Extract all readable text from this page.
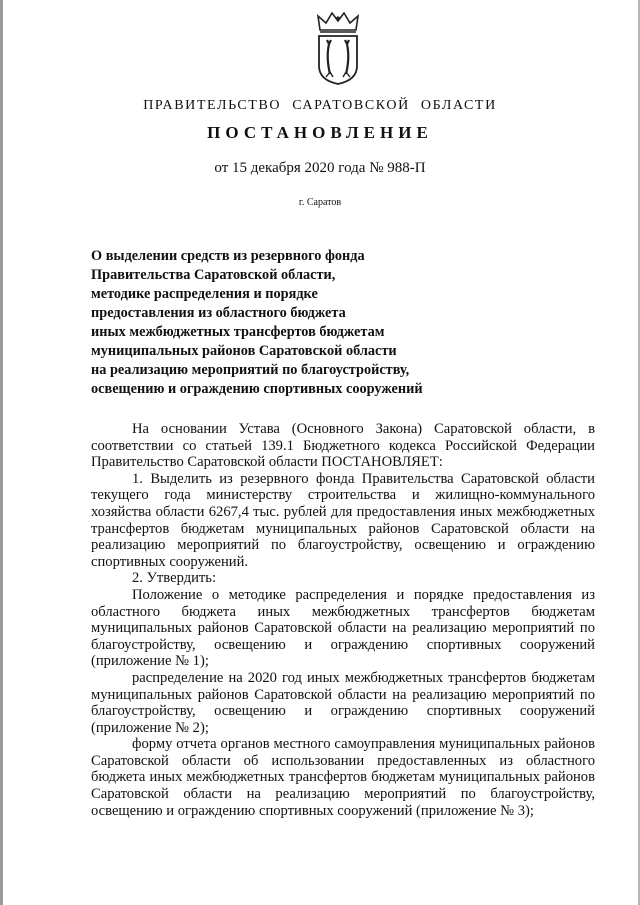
ПРАВИТЕЛЬСТВО САРАТОВСКОЙ ОБЛАСТИ
ПОСТАНОВЛЕНИЕ
от 15 декабря 2020 года № 988-П
г. Саратов
О выделении средств из резервного фонда
Правительства Саратовской области,
методике распределения и порядке
предоставления из областного бюджета
иных межбюджетных трансфертов бюджетам
муниципальных районов Саратовской области
на реализацию мероприятий по благоустройству,
освещению и ограждению спортивных сооружений

На основании Устава (Основного Закона) Саратовской области, в соответствии со статьей 139.1 Бюджетного кодекса Российской Федерации Правительство Саратовской области ПОСТАНОВЛЯЕТ:

1. Выделить из резервного фонда Правительства Саратовской области текущего года министерству строительства и жилищно-коммунального хозяйства области 6267,4 тыс. рублей для предоставления иных межбюджетных трансфертов бюджетам муниципальных районов Саратовской области на реализацию мероприятий по благоустройству, освещению и ограждению спортивных сооружений.

2. Утвердить:

Положение о методике распределения и порядке предоставления из областного бюджета иных межбюджетных трансфертов бюджетам муниципальных районов Саратовской области на реализацию мероприятий по благоустройству, освещению и ограждению спортивных сооружений (приложение № 1);

распределение на 2020 год иных межбюджетных трансфертов бюджетам муниципальных районов Саратовской области на реализацию мероприятий по благоустройству, освещению и ограждению спортивных сооружений (приложение № 2);

форму отчета органов местного самоуправления муниципальных районов Саратовской области об использовании предоставленных из областного бюджета иных межбюджетных трансфертов бюджетам муниципальных районов Саратовской области на реализацию мероприятий по благоустройству, освещению и ограждению спортивных сооружений (приложение № 3);
